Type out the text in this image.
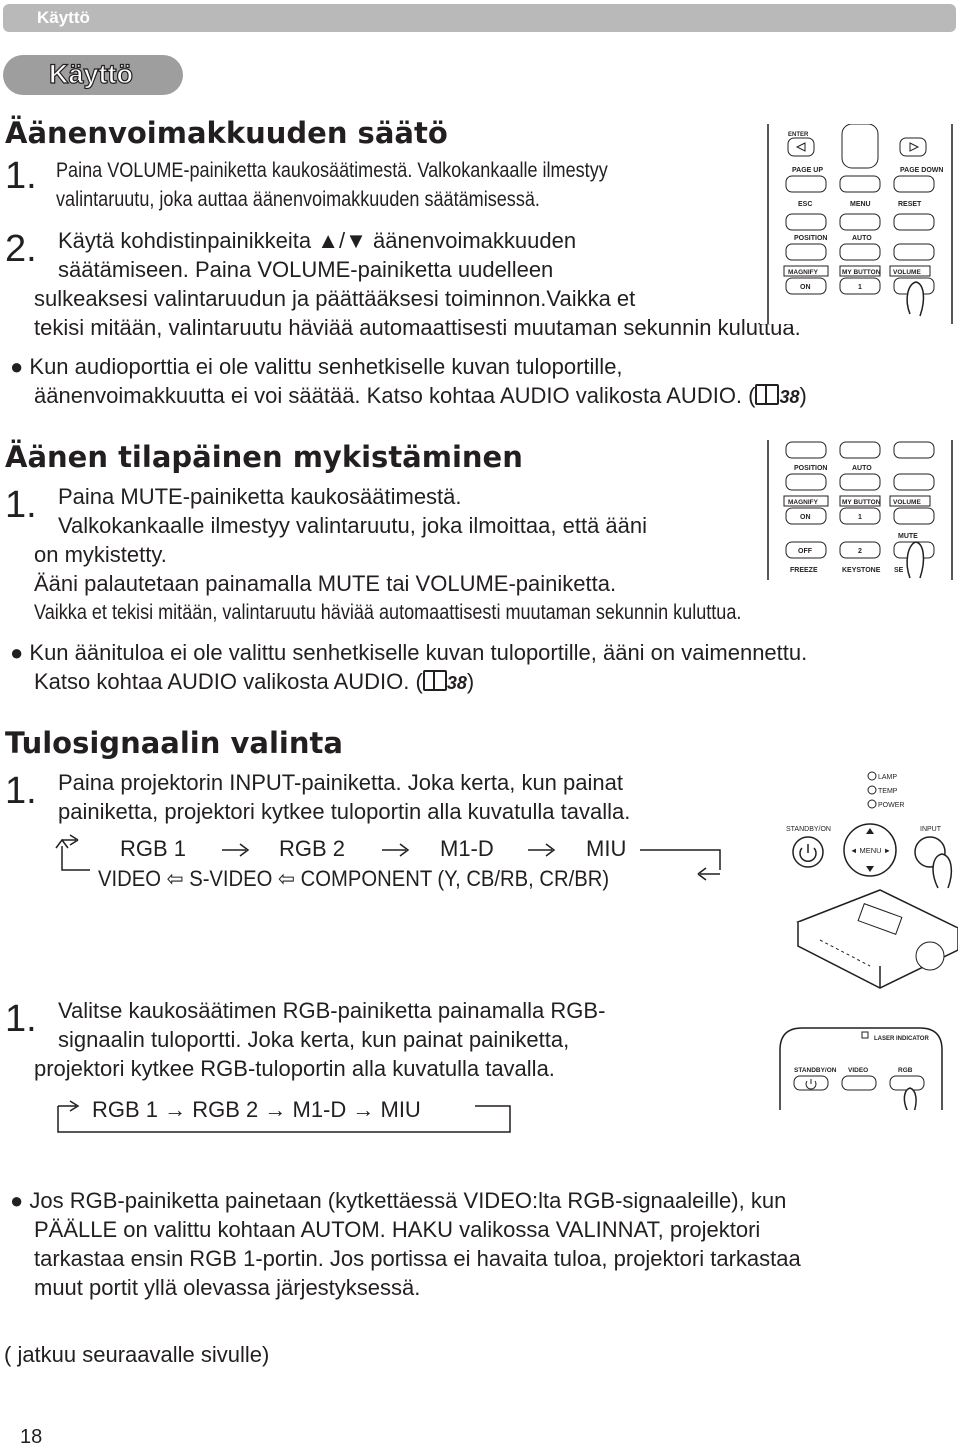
Käyttö
Käyttö
Äänenvoimakkuuden säätö
1. Paina VOLUME-painiketta kaukosäätimestä. Valkokankaalle ilmestyy
valintaruutu, joka auttaa äänenvoimakkuuden säätämisessä.
2. Käytä kohdistinpainikkeita ▲/▼ äänenvoimakkuuden
säätämiseen. Paina VOLUME-painiketta uudelleen
sulkeaksesi valintaruudun ja päättääksesi toiminnon.Vaikka et
tekisi mitään, valintaruutu häviää automaattisesti muutaman sekunnin kuluttua.
● Kun audioporttia ei ole valittu senhetkiselle kuvan tuloportille,
äänenvoimakkuutta ei voi säätää. Katso kohtaa AUDIO valikosta AUDIO. ( 38)
ENTER
PAGE UP	PAGE DOWN
ESC	MENU	RESET
POSITION	AUTO
MAGNIFY	MY BUTTON VOLUME
ON	1
Äänen tilapäinen mykistäminen
1. Paina MUTE-painiketta kaukosäätimestä.
Valkokankaalle ilmestyy valintaruutu, joka ilmoittaa, että ääni
on mykistetty.
Ääni palautetaan painamalla MUTE tai VOLUME-painiketta.
Vaikka et tekisi mitään, valintaruutu häviää automaattisesti muutaman sekunnin kuluttua.
● Kun äänituloa ei ole valittu senhetkiselle kuvan tuloportille, ääni on vaimennettu.
Katso kohtaa AUDIO valikosta AUDIO. ( 38)
POSITION	AUTO
MAGNIFY	MY BUTTON VOLUME
ON	1
MUTE
OFF	2
FREEZE	KEYSTONE SE
Tulosignaalin valinta
1. Paina projektorin INPUT-painiketta. Joka kerta, kun painat
painiketta, projektori kytkee tuloportin alla kuvatulla tavalla.
RGB 1	RGB 2	M1-D	MIU
VIDEO ⇦ S-VIDEO ⇦ COMPONENT (Y, CB/RB, CR/BR)
LAMP
TEMP
POWER
STANDBY/ON	INPUT
◄ MENU ►
1. Valitse kaukosäätimen RGB-painiketta painamalla RGB-
signaalin tuloportti. Joka kerta, kun painat painiketta,
projektori kytkee RGB-tuloportin alla kuvatulla tavalla.
RGB 1 → RGB 2 → M1-D → MIU
LASER INDICATOR
STANDBY/ON VIDEO	RGB
● Jos RGB-painiketta painetaan (kytkettäessä VIDEO:lta RGB-signaaleille), kun
PÄÄLLE on valittu kohtaan AUTOM. HAKU valikossa VALINNAT, projektori
tarkastaa ensin RGB 1-portin. Jos portissa ei havaita tuloa, projektori tarkastaa
muut portit yllä olevassa järjestyksessä.
( jatkuu seuraavalle sivulle)
18
